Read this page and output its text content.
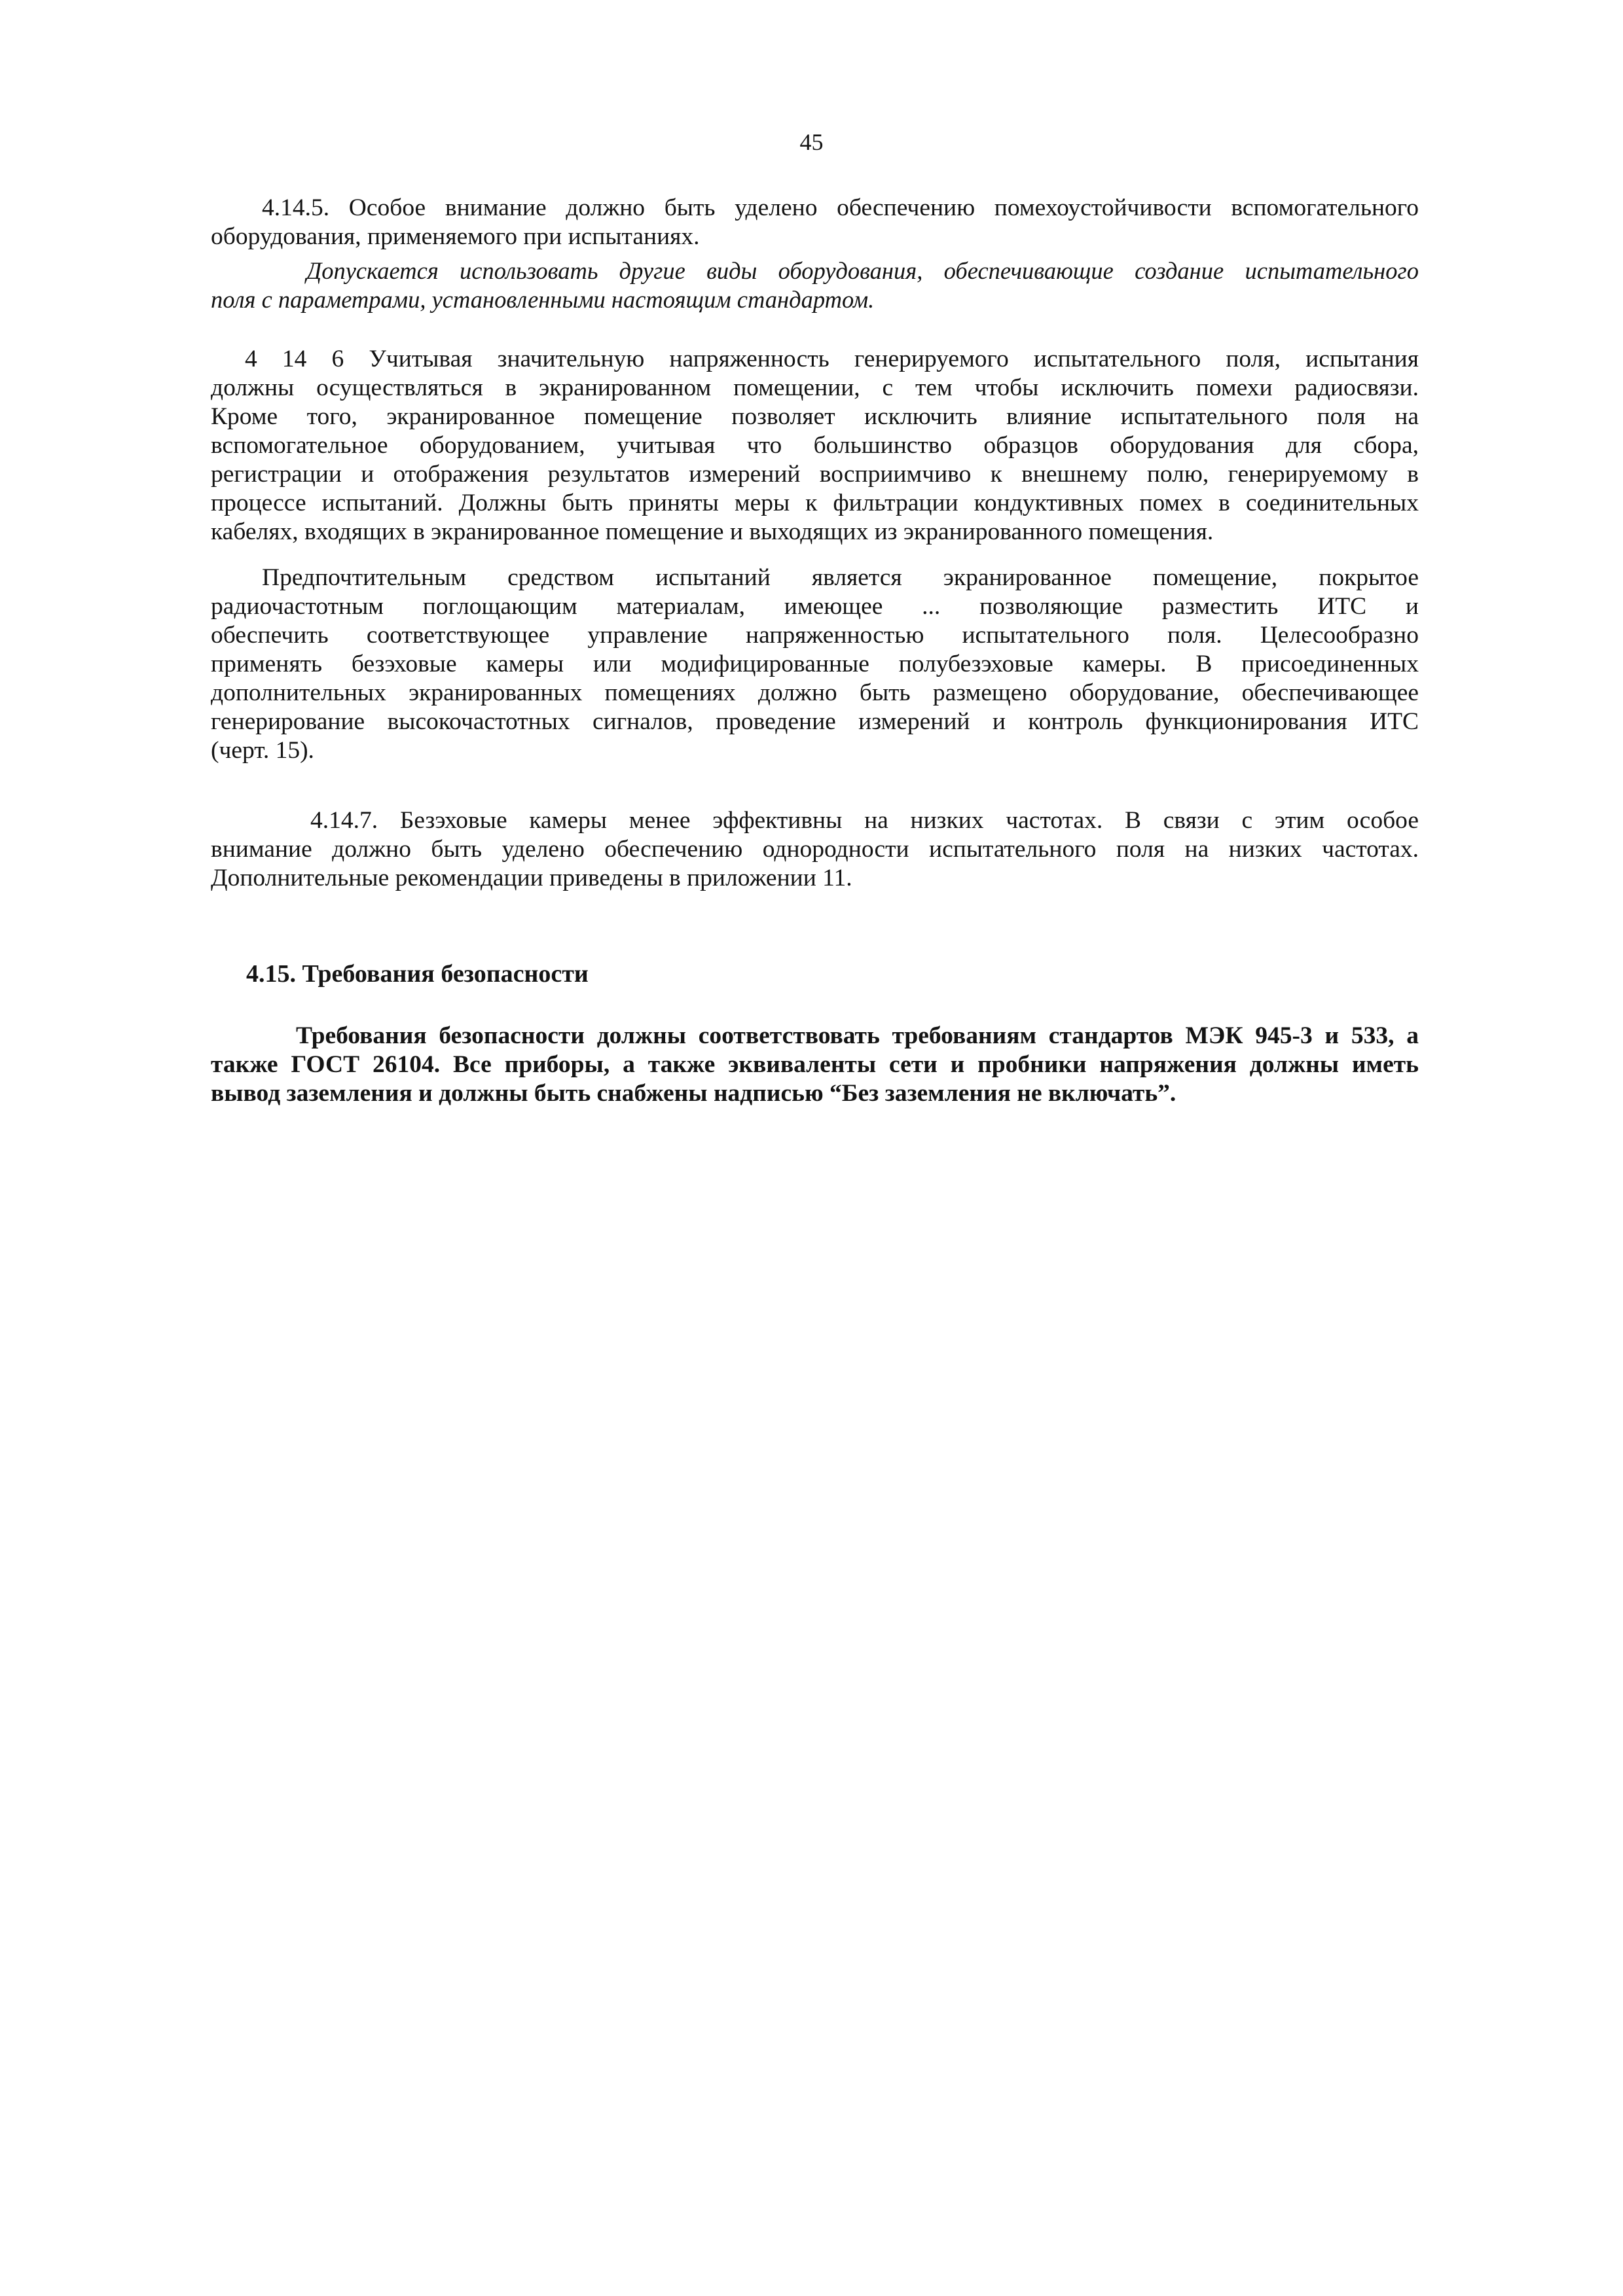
45
4.14.5. Особое внимание должно быть уделено обеспечению помехоустойчивости вспомогательного
оборудования, применяемого при испытаниях.
Допускается использовать другие виды оборудования, обеспечивающие создание испытательного
поля с параметрами, установленными настоящим стандартом.
4 14 6 Учитывая значительную напряженность генерируемого испытательного поля, испытания
должны осуществляться в экранированном помещении, с тем чтобы исключить помехи радиосвязи.
Кроме того, экранированное помещение позволяет исключить влияние испытательного поля на
вспомогательное оборудованием, учитывая что большинство образцов оборудования для сбора,
регистрации и отображения результатов измерений восприимчиво к внешнему полю, генерируемому в
процессе испытаний. Должны быть приняты меры к фильтрации кондуктивных помех в соединительных
кабелях, входящих в экранированное помещение и выходящих из экранированного помещения.
Предпочтительным средством испытаний является экранированное помещение, покрытое
радиочастотным поглощающим материалам, имеющее ... позволяющие разместить ИТС и
обеспечить соответствующее управление напряженностью испытательного поля. Целесообразно
применять безэховые камеры или модифицированные полубезэховые камеры. В присоединенных
дополнительных экранированных помещениях должно быть размещено оборудование, обеспечивающее
генерирование высокочастотных сигналов, проведение измерений и контроль функционирования ИТС
(черт. 15).
4.14.7. Безэховые камеры менее эффективны на низких частотах. В связи с этим особое
внимание должно быть уделено обеспечению однородности испытательного поля на низких частотах.
Дополнительные рекомендации приведены в приложении 11.
4.15. Требования безопасности
Требования безопасности должны соответствовать требованиям стандартов МЭК 945-3 и 533, а
также ГОСТ 26104. Все приборы, а также эквиваленты сети и пробники напряжения должны иметь
вывод заземления и должны быть снабжены надписью “Без заземления не включать”.
